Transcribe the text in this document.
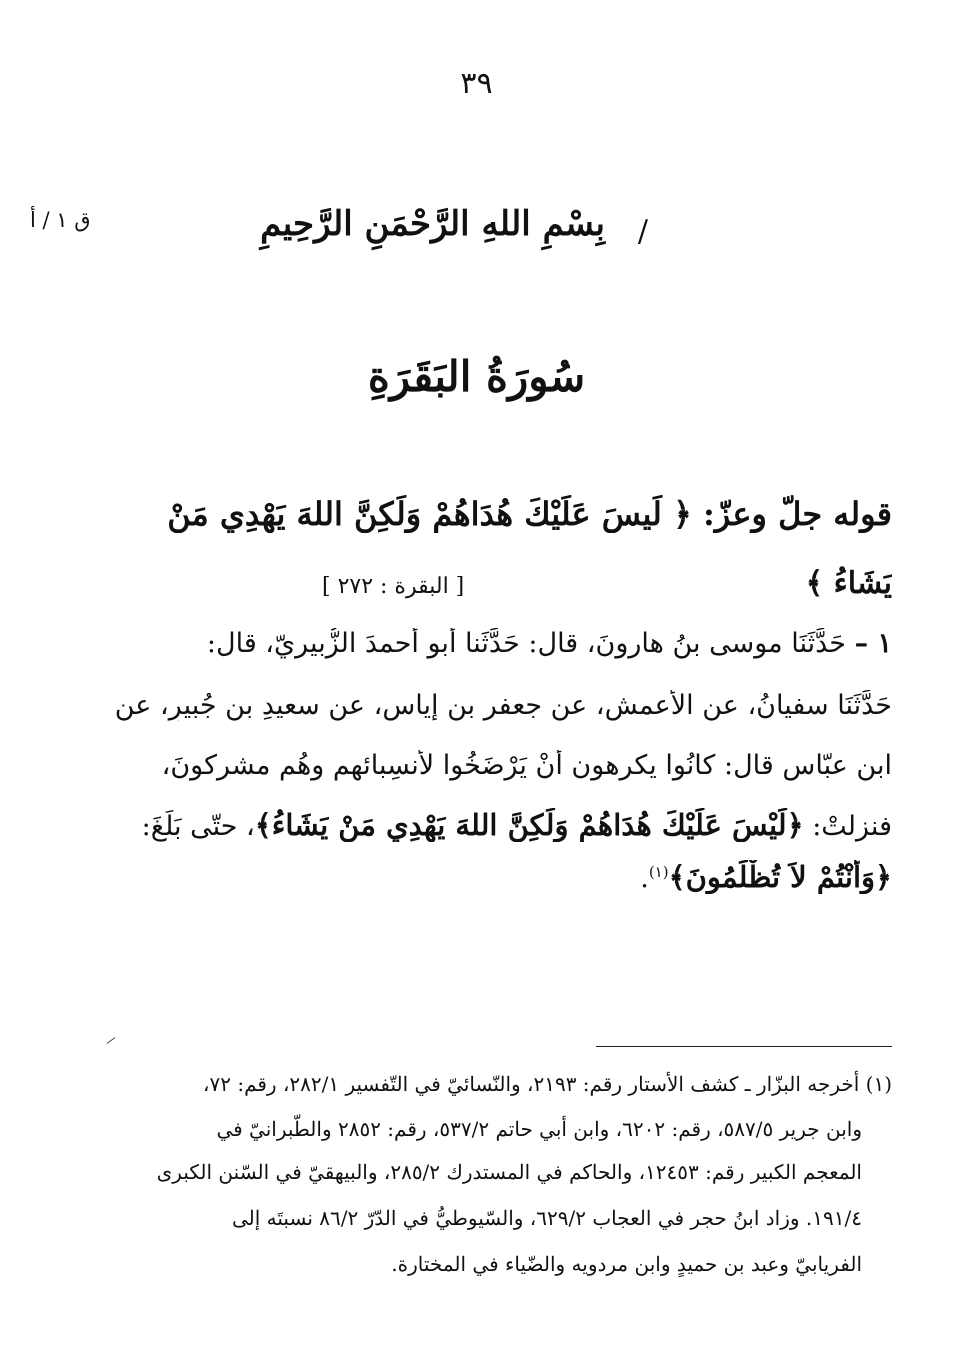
٣٩
ق ١ / أ	بِسْمِ اللهِ الرَّحْمَنِ الرَّحِيمِ /
سُورَةُ البَقَرَةِ
قوله جلّ وعزّ: ﴿ لَيسَ عَلَيْكَ هُدَاهُمْ وَلَكِنَّ اللهَ يَهْدِي مَنْ
يَشَاءُ ﴾
[ البقرة : ٢٧٢ ]
١ – حَدَّثَنَا موسى بنُ هارونَ، قال: حَدَّثَنا أبو أحمدَ الزُّبيريّ، قال:
حَدَّثَنَا سفيانُ، عن الأعمشِ، عن جعفرِ بنِ إياسٍ، عن سعيدِ بن جُبيرٍ، عن
ابنِ عبّاسٍ قال: كانُوا يكرهون أنْ يَرْضَخُوا لأنسِبائهم وهُم مشركونَ،
فنزلتْ: ﴿لَيْسَ عَلَيْكَ هُدَاهُمْ وَلَكِنَّ اللهَ يَهْدِي مَنْ يَشَاءُ﴾، حتّى بَلَغَ:
﴿وَأَنْتُمْ لاَ تُظْلَمُونَ﴾$^{(١)}$.
(١) أخرجه البزّار ـ كشف الأستار رقم: ٢١٩٣، والنّسائيّ في التّفسير ٢٨٢/١، رقم: ٧٢،
وابن جرير ٥٨٧/٥، رقم: ٦٢٠٢، وابن أبي حاتم ٥٣٧/٢، رقم: ٢٨٥٢ والطّبرانيّ في
المعجم الكبير رقم: ١٢٤٥٣، والحاكم في المستدرك ٢٨٥/٢، والبيهقيّ في السّنن الكبرى
١٩١/٤. وزاد ابنُ حجر في العجاب ٦٢٩/٢، والسّيوطيُّ في الدّرّ ٨٦/٢ نسبتَه إلى
الفريابيّ وعبد بن حميدٍ وابن مردويه والضّياء في المختارة.
